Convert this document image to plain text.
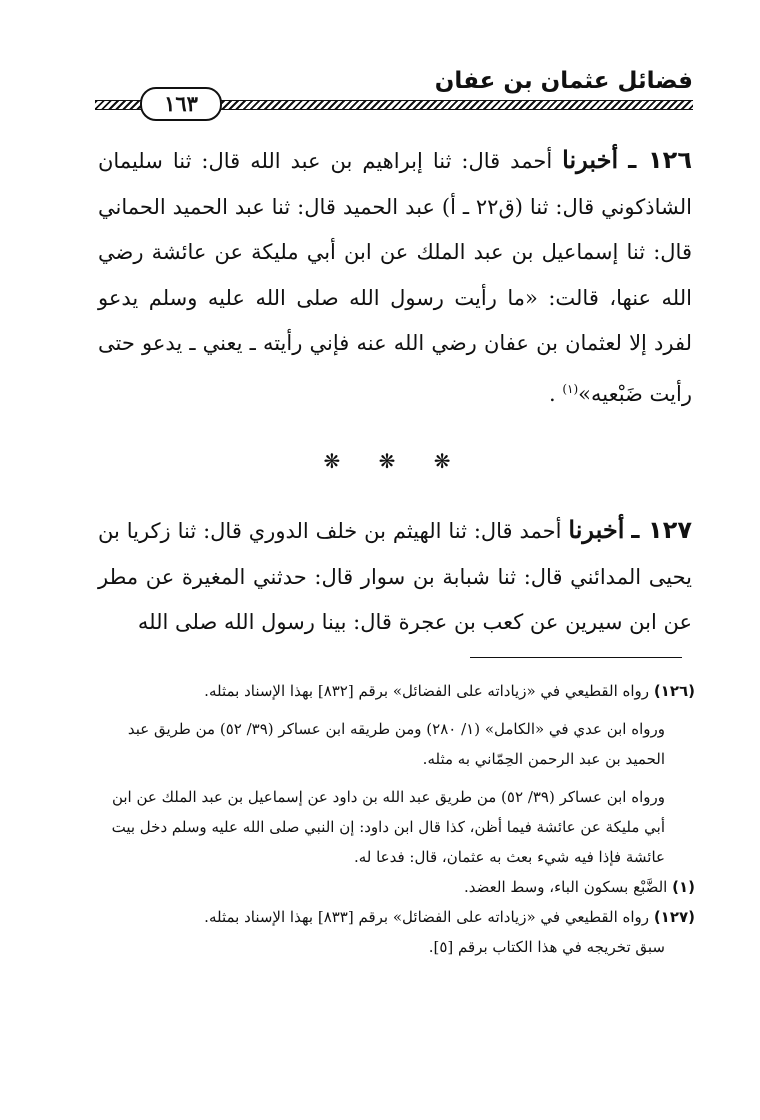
فضائل عثمان بن عفان
١٦٣

١٢٦ ـ أخبرنا أحمد قال: ثنا إبراهيم بن عبد الله قال: ثنا سليمان الشاذكوني قال: ثنا (ق٢٢ ـ أ) عبد الحميد قال: ثنا عبد الحميد الحماني قال: ثنا إسماعيل بن عبد الملك عن ابن أبي مليكة عن عائشة رضي الله عنها، قالت: «ما رأيت رسول الله صلى الله عليه وسلم يدعو لفرد إلا لعثمان بن عفان رضي الله عنه فإني رأيته ـ يعني ـ يدعو حتى رأيت ضَبْعيه»$^{(١)}$ .

❋ ❋ ❋

١٢٧ ـ أخبرنا أحمد قال: ثنا الهيثم بن خلف الدوري قال: ثنا زكريا بن يحيى المدائني قال: ثنا شبابة بن سوار قال: حدثني المغيرة عن مطر عن ابن سيرين عن كعب بن عجرة قال: بينا رسول الله صلى الله

(١٢٦) رواه القطيعي في «زياداته على الفضائل» برقم [٨٣٢] بهذا الإسناد بمثله.

ورواه ابن عدي في «الكامل» (١/ ٢٨٠) ومن طريقه ابن عساكر (٣٩/ ٥٢) من طريق عبد الحميد بن عبد الرحمن الحِمّاني به مثله.

ورواه ابن عساكر (٣٩/ ٥٢) من طريق عبد الله بن داود عن إسماعيل بن عبد الملك عن ابن أبي مليكة عن عائشة فيما أظن، كذا قال ابن داود: إن النبي صلى الله عليه وسلم دخل بيت عائشة فإذا فيه شيء بعث به عثمان، قال: فدعا له.

(١) الضَّبْع بسكون الباء، وسط العضد.

(١٢٧) رواه القطيعي في «زياداته على الفضائل» برقم [٨٣٣] بهذا الإسناد بمثله.

سبق تخريجه في هذا الكتاب برقم [٥].
